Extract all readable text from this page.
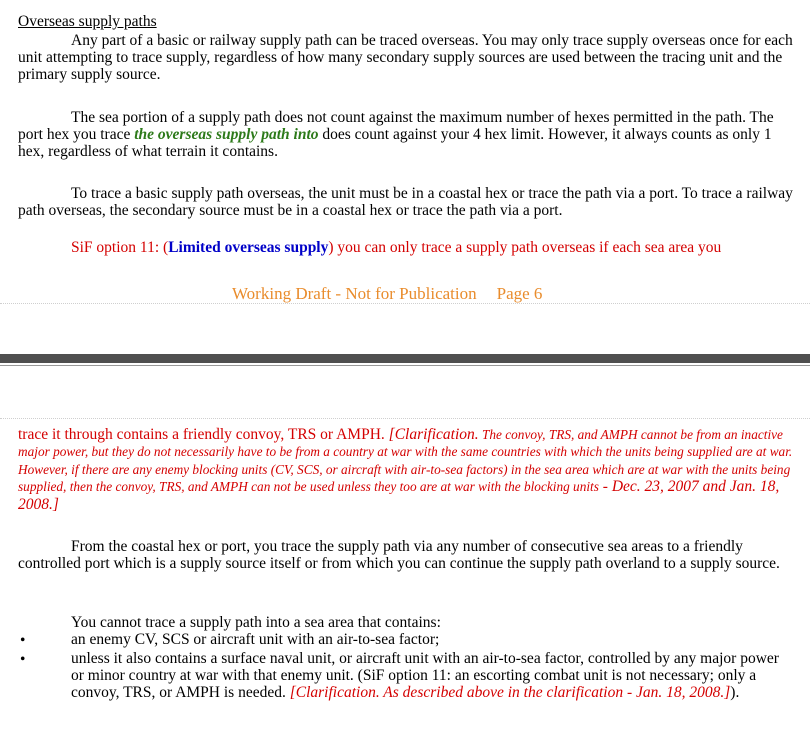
Overseas supply paths
Any part of a basic or railway supply path can be traced overseas. You may only trace supply overseas once for each unit attempting to trace supply, regardless of how many secondary supply sources are used between the tracing unit and the primary supply source.
The sea portion of a supply path does not count against the maximum number of hexes permitted in the path. The port hex you trace the overseas supply path into does count against your 4 hex limit. However, it always counts as only 1 hex, regardless of what terrain it contains.
To trace a basic supply path overseas, the unit must be in a coastal hex or trace the path via a port. To trace a railway path overseas, the secondary source must be in a coastal hex or trace the path via a port.
SiF option 11: (Limited overseas supply) you can only trace a supply path overseas if each sea area you
Working Draft - Not for Publication Page 6
trace it through contains a friendly convoy, TRS or AMPH. [Clarification. The convoy, TRS, and AMPH cannot be from an inactive major power, but they do not necessarily have to be from a country at war with the same countries with which the units being supplied are at war. However, if there are any enemy blocking units (CV, SCS, or aircraft with air-to-sea factors) in the sea area which are at war with the units being supplied, then the convoy, TRS, and AMPH can not be used unless they too are at war with the blocking units - Dec. 23, 2007 and Jan. 18, 2008.]
From the coastal hex or port, you trace the supply path via any number of consecutive sea areas to a friendly controlled port which is a supply source itself or from which you can continue the supply path overland to a supply source.
You cannot trace a supply path into a sea area that contains:
•	an enemy CV, SCS or aircraft unit with an air-to-sea factor;
•	unless it also contains a surface naval unit, or aircraft unit with an air-to-sea factor, controlled by any major power or minor country at war with that enemy unit. (SiF option 11: an escorting combat unit is not necessary; only a convoy, TRS, or AMPH is needed. [Clarification. As described above in the clarification - Jan. 18, 2008.]).
